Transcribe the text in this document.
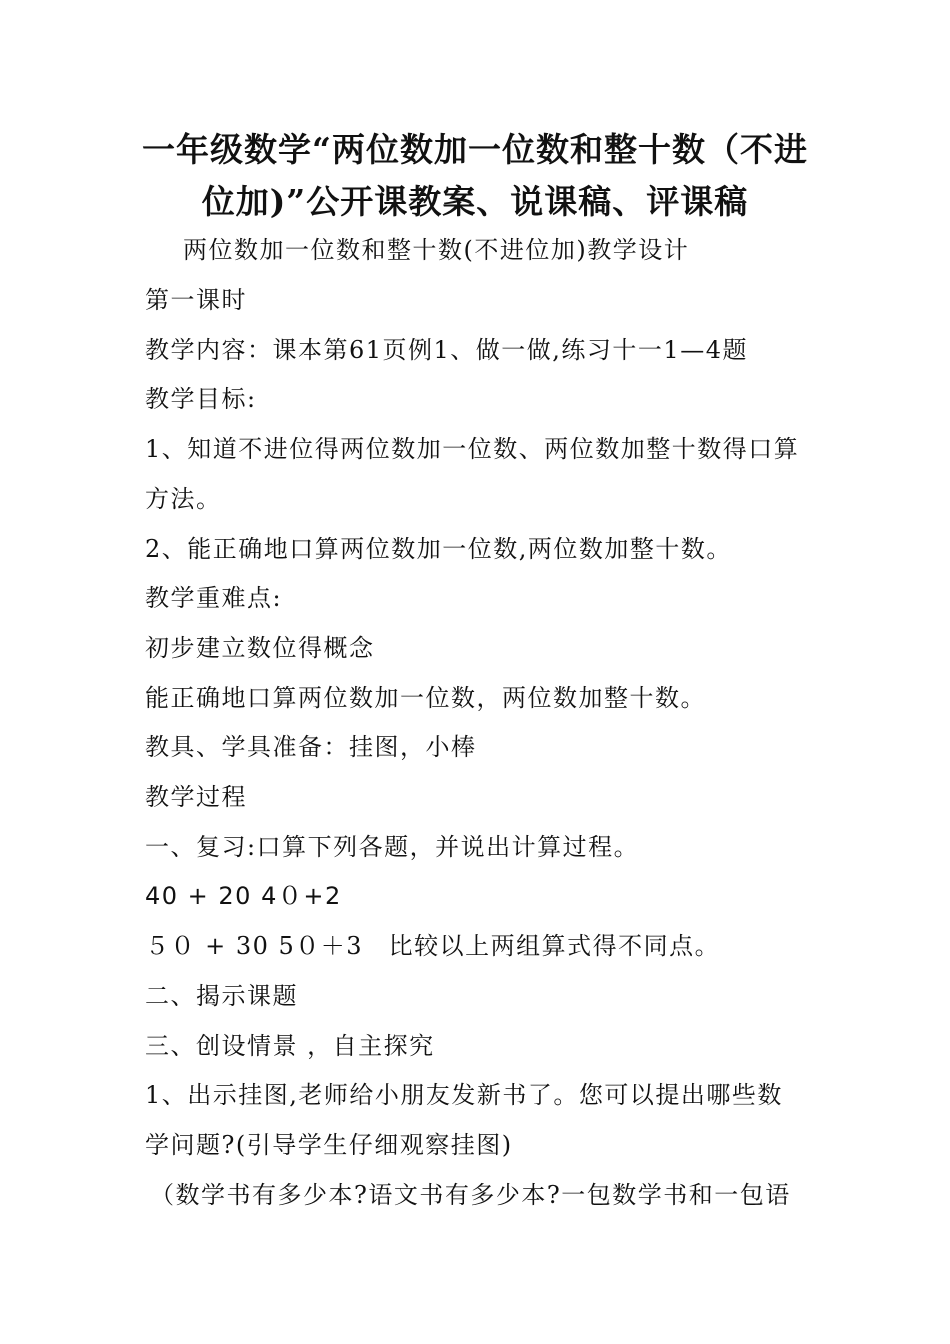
一年级数学“两位数加一位数和整十数（不进
位加)”公开课教案、说课稿、评课稿
两位数加一位数和整十数(不进位加)教学设计
第一课时
教学内容：课本第61页例1、做一做,练习十一1—4题
教学目标:
1、知道不进位得两位数加一位数、两位数加整十数得口算
方法。
2、能正确地口算两位数加一位数,两位数加整十数。
教学重难点:
初步建立数位得概念
能正确地口算两位数加一位数，两位数加整十数。
教具、学具准备：挂图，小棒
教学过程
一、复习:口算下列各题，并说出计算过程。
40 + 20 4０+2
５０ + 30 5０＋3　比较以上两组算式得不同点。
二、揭示课题
三、创设情景 ，自主探究
1、出示挂图,老师给小朋友发新书了。您可以提出哪些数
学问题?(引导学生仔细观察挂图)
（数学书有多少本?语文书有多少本?一包数学书和一包语
